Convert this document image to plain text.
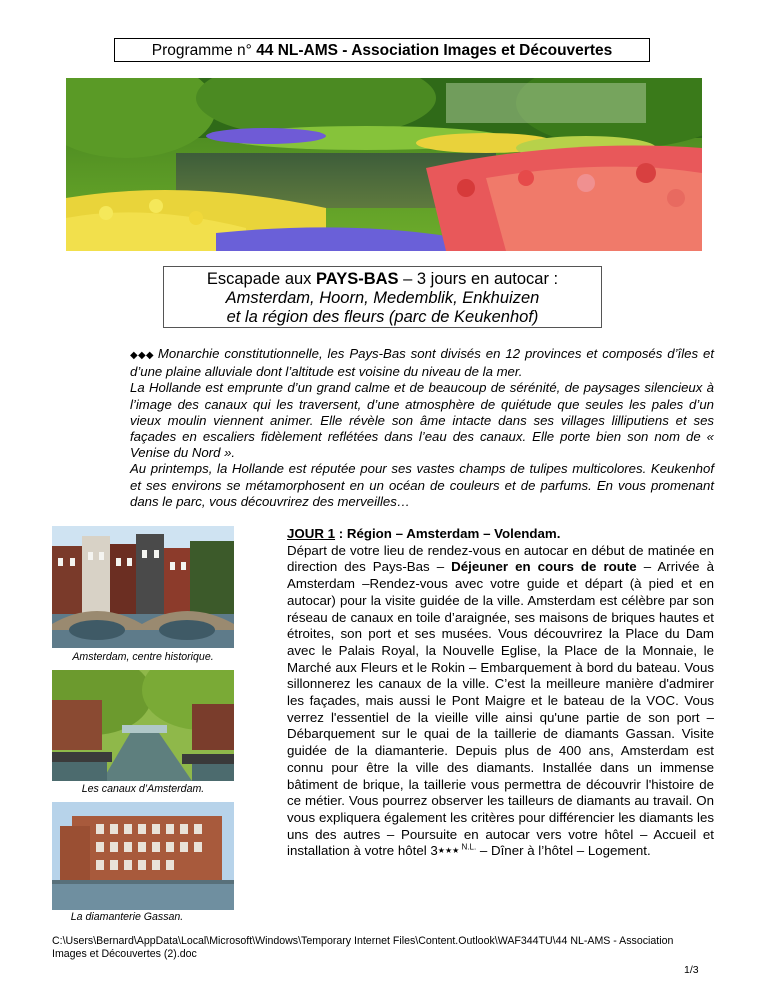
Programme n° 44 NL-AMS - Association Images et Découvertes
Escapade aux PAYS-BAS – 3 jours en autocar :
Amsterdam, Hoorn, Medemblik, Enkhuizen
et la région des fleurs (parc de Keukenhof)

◆◆◆ Monarchie constitutionnelle, les Pays-Bas sont divisés en 12 provinces et composés d’îles et d’une plaine alluviale dont l’altitude est voisine du niveau de la mer.

La Hollande est emprunte d’un grand calme et de beaucoup de sérénité, de paysages silencieux à l’image des canaux qui les traversent, d’une atmosphère de quiétude que seules les pales d’un vieux moulin viennent animer. Elle révèle son âme intacte dans ses villages lilliputiens et ses façades en escaliers fidèlement reflétées dans l’eau des canaux. Elle porte bien son nom de « Venise du Nord ».

Au printemps, la Hollande est réputée pour ses vastes champs de tulipes multicolores. Keukenhof et ses environs se métamorphosent en un océan de couleurs et de parfums. En vous promenant dans le parc, vous découvrirez des merveilles…

Amsterdam, centre historique.
Les canaux d’Amsterdam.
La diamanterie Gassan.

JOUR 1 : Région – Amsterdam – Volendam.

Départ de votre lieu de rendez-vous en autocar en début de matinée en direction des Pays-Bas – Déjeuner en cours de route – Arrivée à Amsterdam –Rendez-vous avec votre guide et départ (à pied et en autocar) pour la visite guidée de la ville. Amsterdam est célèbre par son réseau de canaux en toile d’araignée, ses maisons de briques hautes et étroites, son port et ses musées. Vous découvrirez la Place du Dam avec le Palais Royal, la Nouvelle Eglise, la Place de la Monnaie, le Marché aux Fleurs et le Rokin – Embarquement à bord du bateau. Vous sillonnerez les canaux de la ville. C’est la meilleure manière d'admirer les façades, mais aussi le Pont Maigre et le bateau de la VOC. Vous verrez l'essentiel de la vieille ville ainsi qu'une partie de son port – Débarquement sur le quai de la taillerie de diamants Gassan. Visite guidée de la diamanterie. Depuis plus de 400 ans, Amsterdam est connu pour être la ville des diamants. Installée dans un immense bâtiment de brique, la taillerie vous permettra de découvrir l'histoire de ce métier. Vous pourrez observer les tailleurs de diamants au travail. On vous expliquera également les critères pour différencier les diamants les uns des autres – Poursuite en autocar vers votre hôtel – Accueil et installation à votre hôtel 3★★★ $^{N.L.}$ – Dîner à l’hôtel – Logement.

C:\Users\Bernard\AppData\Local\Microsoft\Windows\Temporary Internet Files\Content.Outlook\WAF344TU\44 NL-AMS - Association Images et Découvertes (2).doc
1/3
